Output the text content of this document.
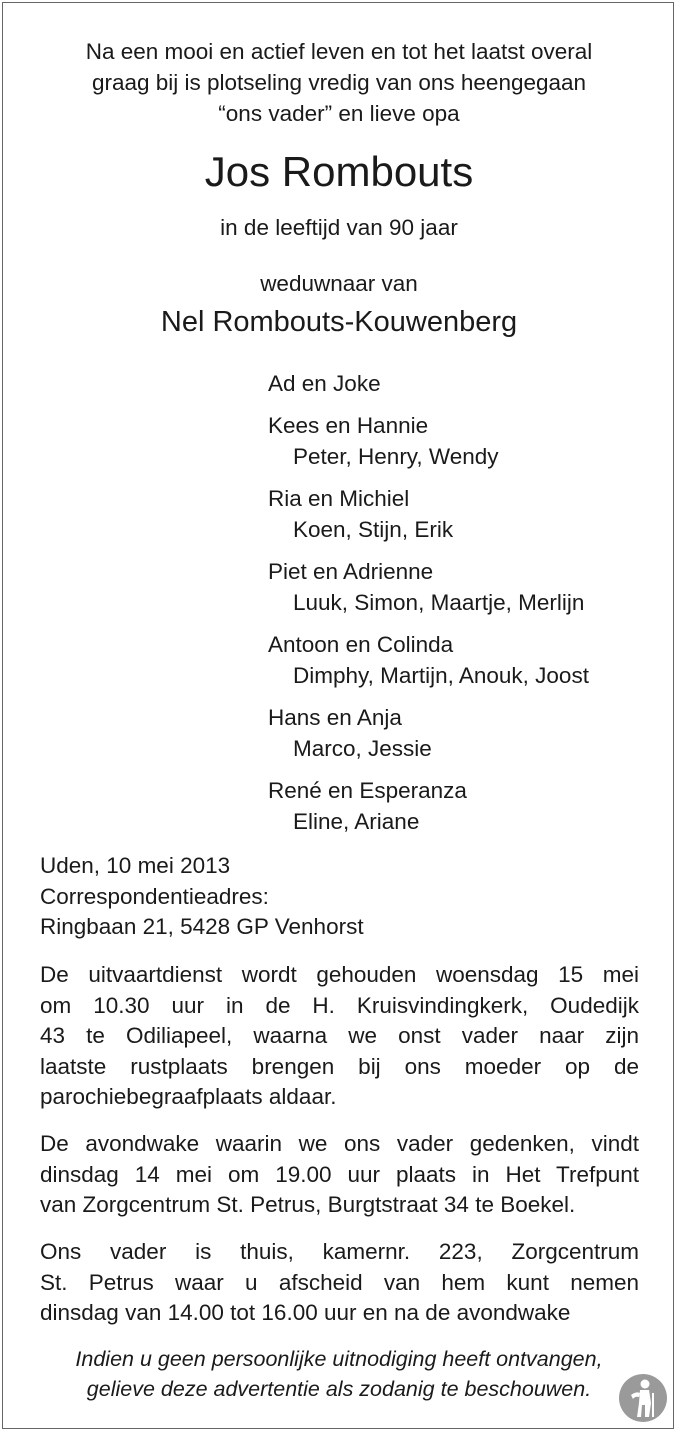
Na een mooi en actief leven en tot het laatst overal
graag bij is plotseling vredig van ons heengegaan
“ons vader” en lieve opa
Jos Rombouts
in de leeftijd van 90 jaar
weduwnaar van
Nel Rombouts-Kouwenberg
Ad en Joke
Kees en Hannie
Peter, Henry, Wendy
Ria en Michiel
Koen, Stijn, Erik
Piet en Adrienne
Luuk, Simon, Maartje, Merlijn
Antoon en Colinda
Dimphy, Martijn, Anouk, Joost
Hans en Anja
Marco, Jessie
René en Esperanza
Eline, Ariane
Uden, 10 mei 2013
Correspondentieadres:
Ringbaan 21, 5428 GP Venhorst
De uitvaartdienst wordt gehouden woensdag 15 mei
om 10.30 uur in de H. Kruisvindingkerk, Oudedijk
43 te Odiliapeel, waarna we onst vader naar zijn
laatste rustplaats brengen bij ons moeder op de
parochiebegraafplaats aldaar.
De avondwake waarin we ons vader gedenken, vindt
dinsdag 14 mei om 19.00 uur plaats in Het Trefpunt
van Zorgcentrum St. Petrus, Burgtstraat 34 te Boekel.
Ons vader is thuis, kamernr. 223, Zorgcentrum
St. Petrus waar u afscheid van hem kunt nemen
dinsdag van 14.00 tot 16.00 uur en na de avondwake
Indien u geen persoonlijke uitnodiging heeft ontvangen,
gelieve deze advertentie als zodanig te beschouwen.
